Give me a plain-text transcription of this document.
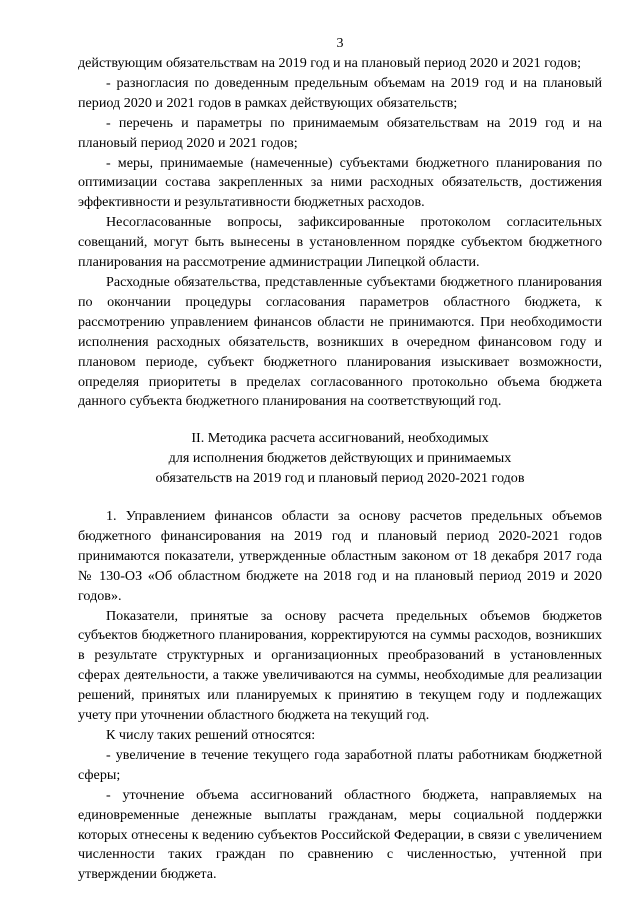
3

действующим обязательствам на 2019 год и на плановый период 2020 и 2021 годов;

- разногласия по доведенным предельным объемам на 2019 год и на плановый период 2020 и 2021 годов в рамках действующих обязательств;

- перечень и параметры по принимаемым обязательствам на 2019 год и на плановый период 2020 и 2021 годов;

- меры, принимаемые (намеченные) субъектами бюджетного планирования по оптимизации состава закрепленных за ними расходных обязательств, достижения эффективности и результативности бюджетных расходов.

Несогласованные вопросы, зафиксированные протоколом согласительных совещаний, могут быть вынесены в установленном порядке субъектом бюджетного планирования на рассмотрение администрации Липецкой области.

Расходные обязательства, представленные субъектами бюджетного планирования по окончании процедуры согласования параметров областного бюджета, к рассмотрению управлением финансов области не принимаются. При необходимости исполнения расходных обязательств, возникших в очередном финансовом году и плановом периоде, субъект бюджетного планирования изыскивает возможности, определяя приоритеты в пределах согласованного протокольно объема бюджета данного субъекта бюджетного планирования на соответствующий год.

II. Методика расчета ассигнований, необходимых
для исполнения бюджетов действующих и принимаемых
обязательств на 2019 год и плановый период 2020-2021 годов

1. Управлением финансов области за основу расчетов предельных объемов бюджетного финансирования на 2019 год и плановый период 2020-2021 годов принимаются показатели, утвержденные областным законом от 18 декабря 2017 года № 130-ОЗ «Об областном бюджете на 2018 год и на плановый период 2019 и 2020 годов».

Показатели, принятые за основу расчета предельных объемов бюджетов субъектов бюджетного планирования, корректируются на суммы расходов, возникших в результате структурных и организационных преобразований в установленных сферах деятельности, а также увеличиваются на суммы, необходимые для реализации решений, принятых или планируемых к принятию в текущем году и подлежащих учету при уточнении областного бюджета на текущий год.

К числу таких решений относятся:

- увеличение в течение текущего года заработной платы работникам бюджетной сферы;

- уточнение объема ассигнований областного бюджета, направляемых на единовременные денежные выплаты гражданам, меры социальной поддержки которых отнесены к ведению субъектов Российской Федерации, в связи с увеличением численности таких граждан по сравнению с численностью, учтенной при утверждении бюджета.
